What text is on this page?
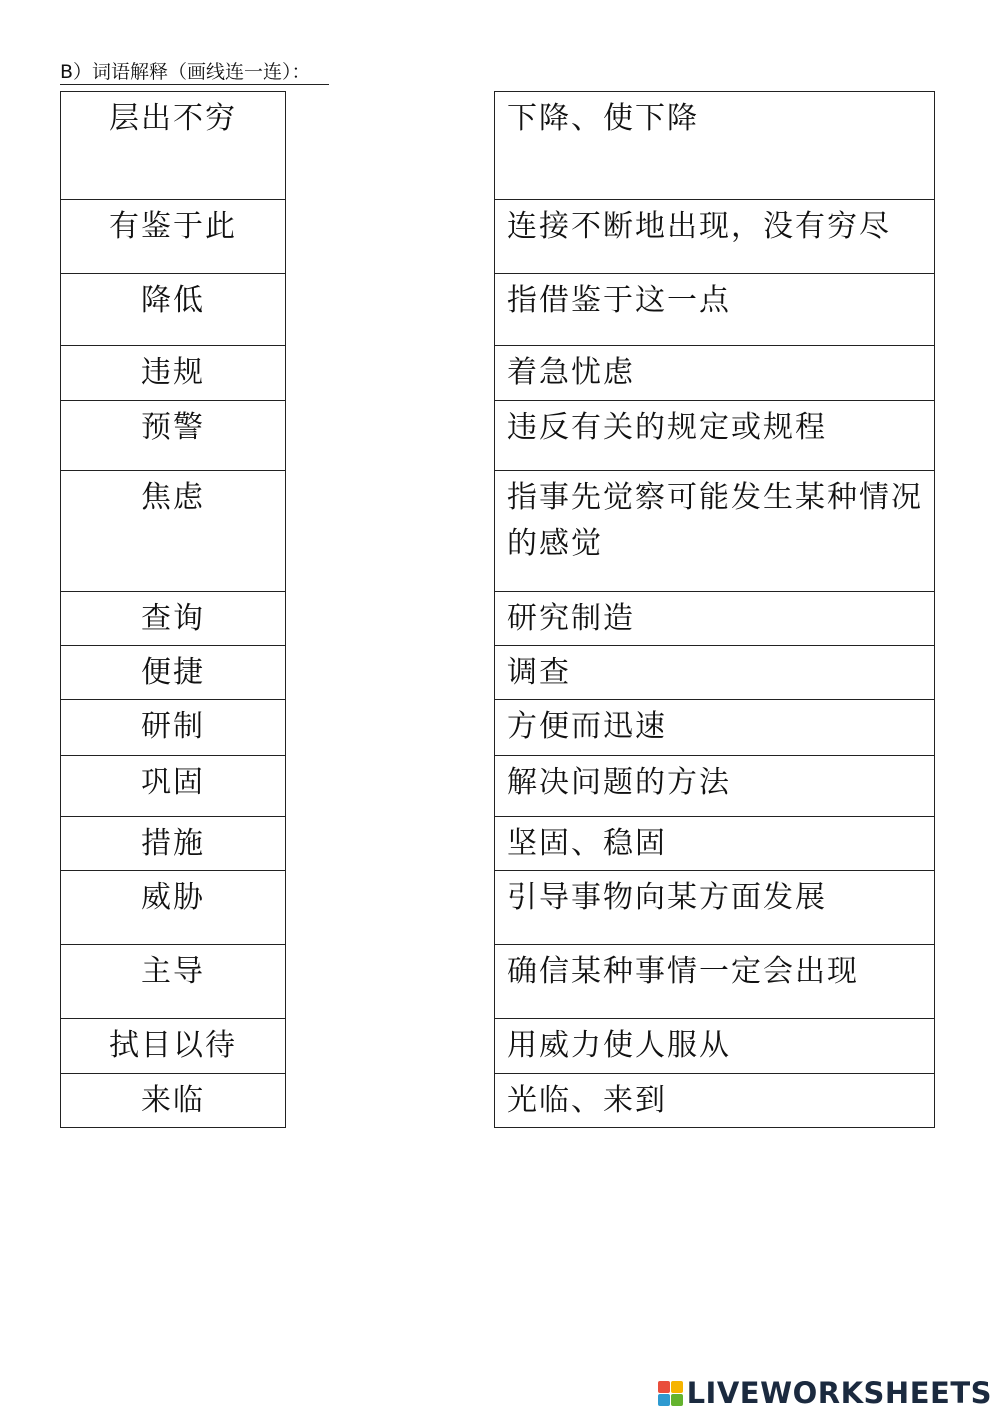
B）词语解释（画线连一连）：
层出不穷
有鉴于此
降低
违规
预警
焦虑
查询
便捷
研制
巩固
措施
威胁
主导
拭目以待
来临
下降、使下降
连接不断地出现，没有穷尽
指借鉴于这一点
着急忧虑
违反有关的规定或规程
指事先觉察可能发生某种情况的感觉
研究制造
调查
方便而迅速
解决问题的方法
坚固、稳固
引导事物向某方面发展
确信某种事情一定会出现
用威力使人服从
光临、来到
LIVEWORKSHEETS
